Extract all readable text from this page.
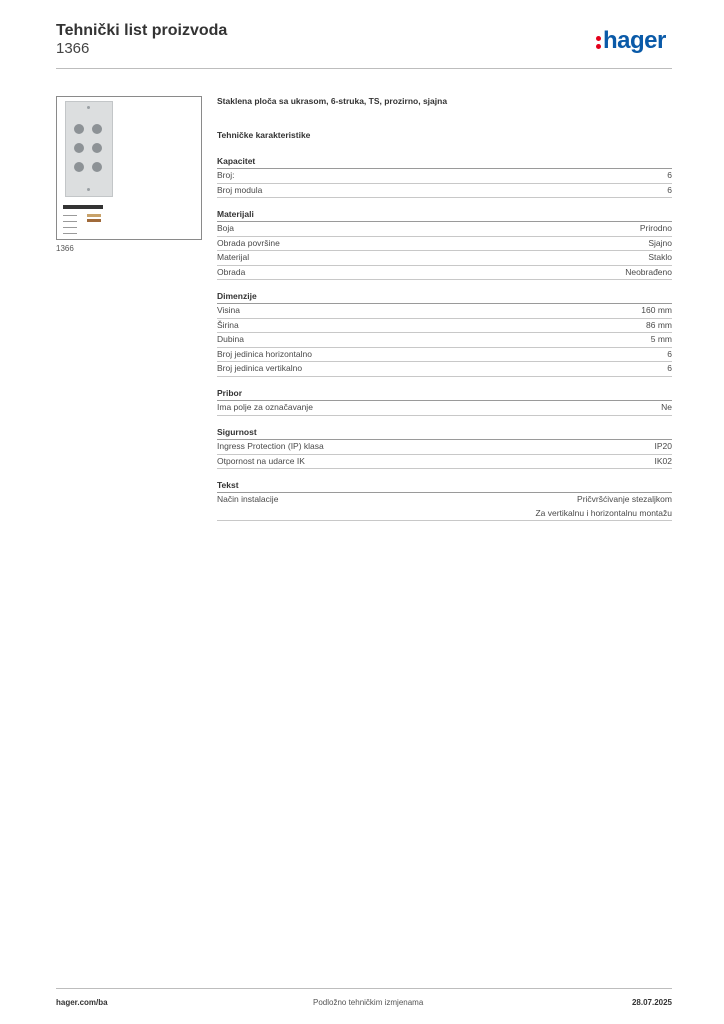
Tehnički list proizvoda
1366	hager
1366
Staklena ploča sa ukrasom, 6-struka, TS, prozirno, sjajna
Tehničke karakteristike
Kapacitet
Broj:	6
Broj modula	6
Materijali
Boja	Prirodno
Obrada površine	Sjajno
Materijal	Staklo
Obrada	Neobrađeno
Dimenzije
Visina	160 mm
Širina	86 mm
Dubina	5 mm
Broj jedinica horizontalno	6
Broj jedinica vertikalno	6
Pribor
Ima polje za označavanje	Ne
Sigurnost
Ingress Protection (IP) klasa	IP20
Otpornost na udarce IK	IK02
Tekst
Način instalacije	Pričvršćivanje stezaljkom
Za vertikalnu i horizontalnu montažu
hager.com/ba	Podložno tehničkim izmjenama	28.07.2025
